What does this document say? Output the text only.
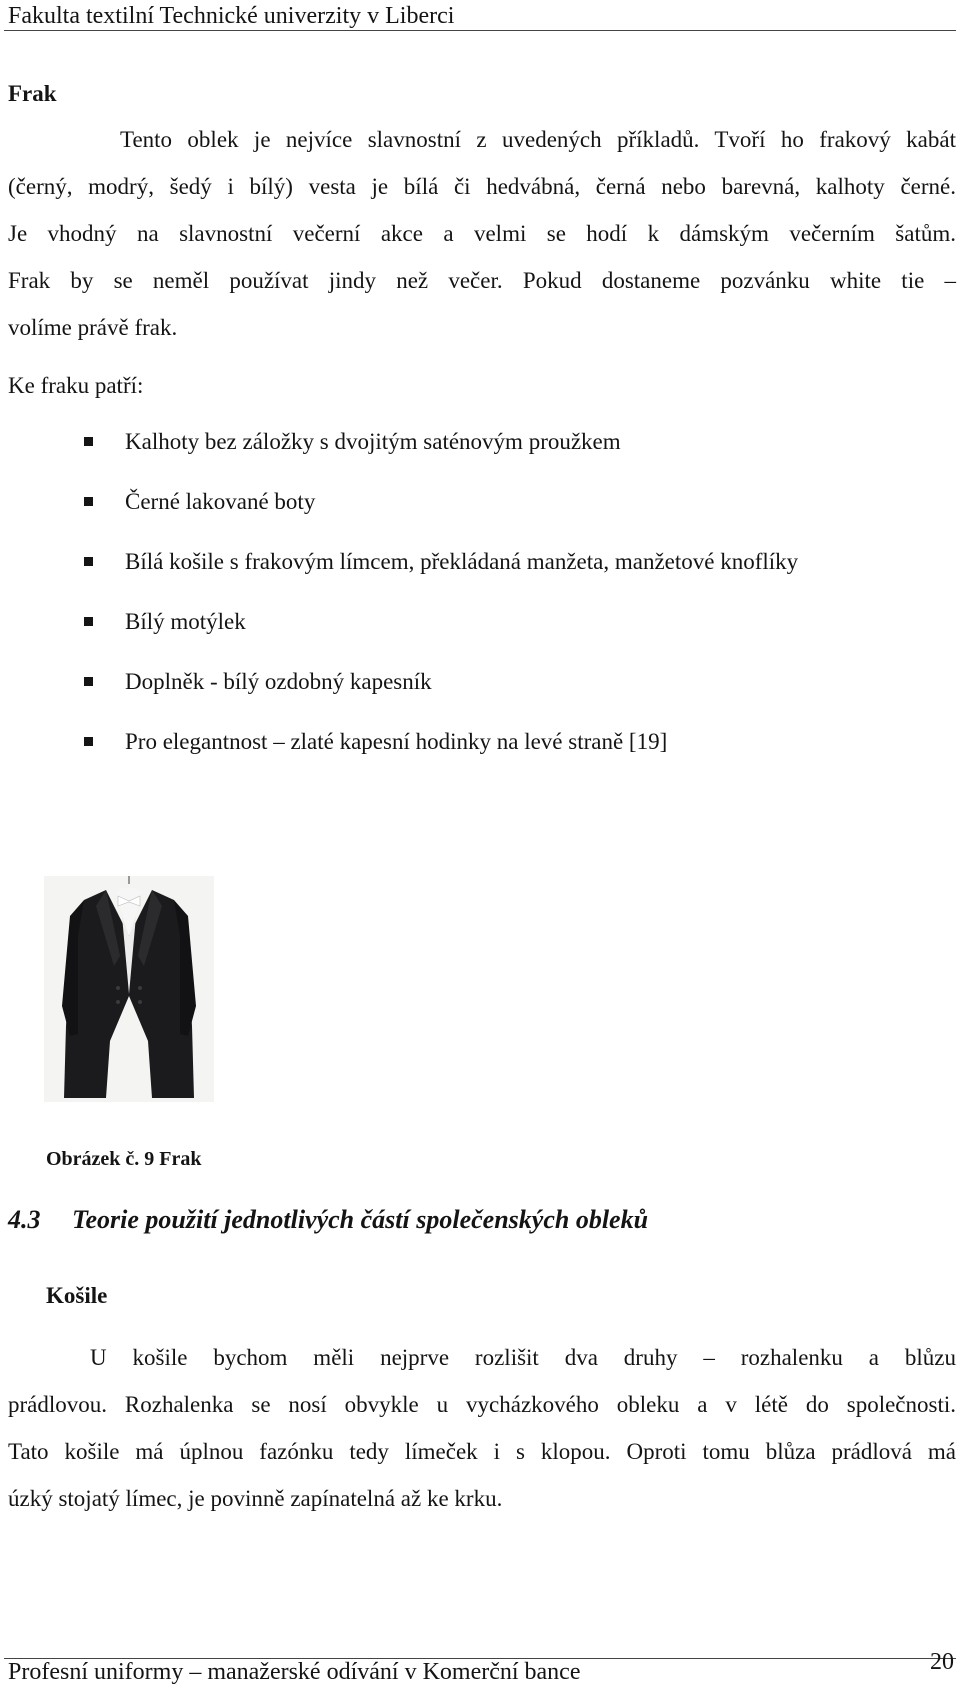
Fakulta textilní Technické univerzity v Liberci
Frak
Tento oblek je nejvíce slavnostní z uvedených příkladů. Tvoří ho frakový kabát
(černý, modrý, šedý i bílý) vesta je bílá či hedvábná, černá nebo barevná, kalhoty černé.
Je vhodný na slavnostní večerní akce a velmi se hodí k dámským večerním šatům.
Frak by se neměl používat jindy než večer. Pokud dostaneme pozvánku white tie –
volíme právě frak.
Ke fraku patří:
Kalhoty bez záložky s dvojitým saténovým proužkem
Černé lakované boty
Bílá košile s frakovým límcem, překládaná manžeta, manžetové knoflíky
Bílý motýlek
Doplněk - bílý ozdobný kapesník
Pro elegantnost – zlaté kapesní hodinky na levé straně [19]
Obrázek č. 9 Frak
4.3 Teorie použití jednotlivých částí společenských obleků
Košile
U košile bychom měli nejprve rozlišit dva druhy – rozhalenku a blůzu
prádlovou. Rozhalenka se nosí obvykle u vycházkového obleku a v létě do společnosti.
Tato košile má úplnou fazónku tedy límeček i s klopou. Oproti tomu blůza prádlová má
úzký stojatý límec, je povinně zapínatelná až ke krku.
Profesní uniformy – manažerské odívání v Komerční bance	20
